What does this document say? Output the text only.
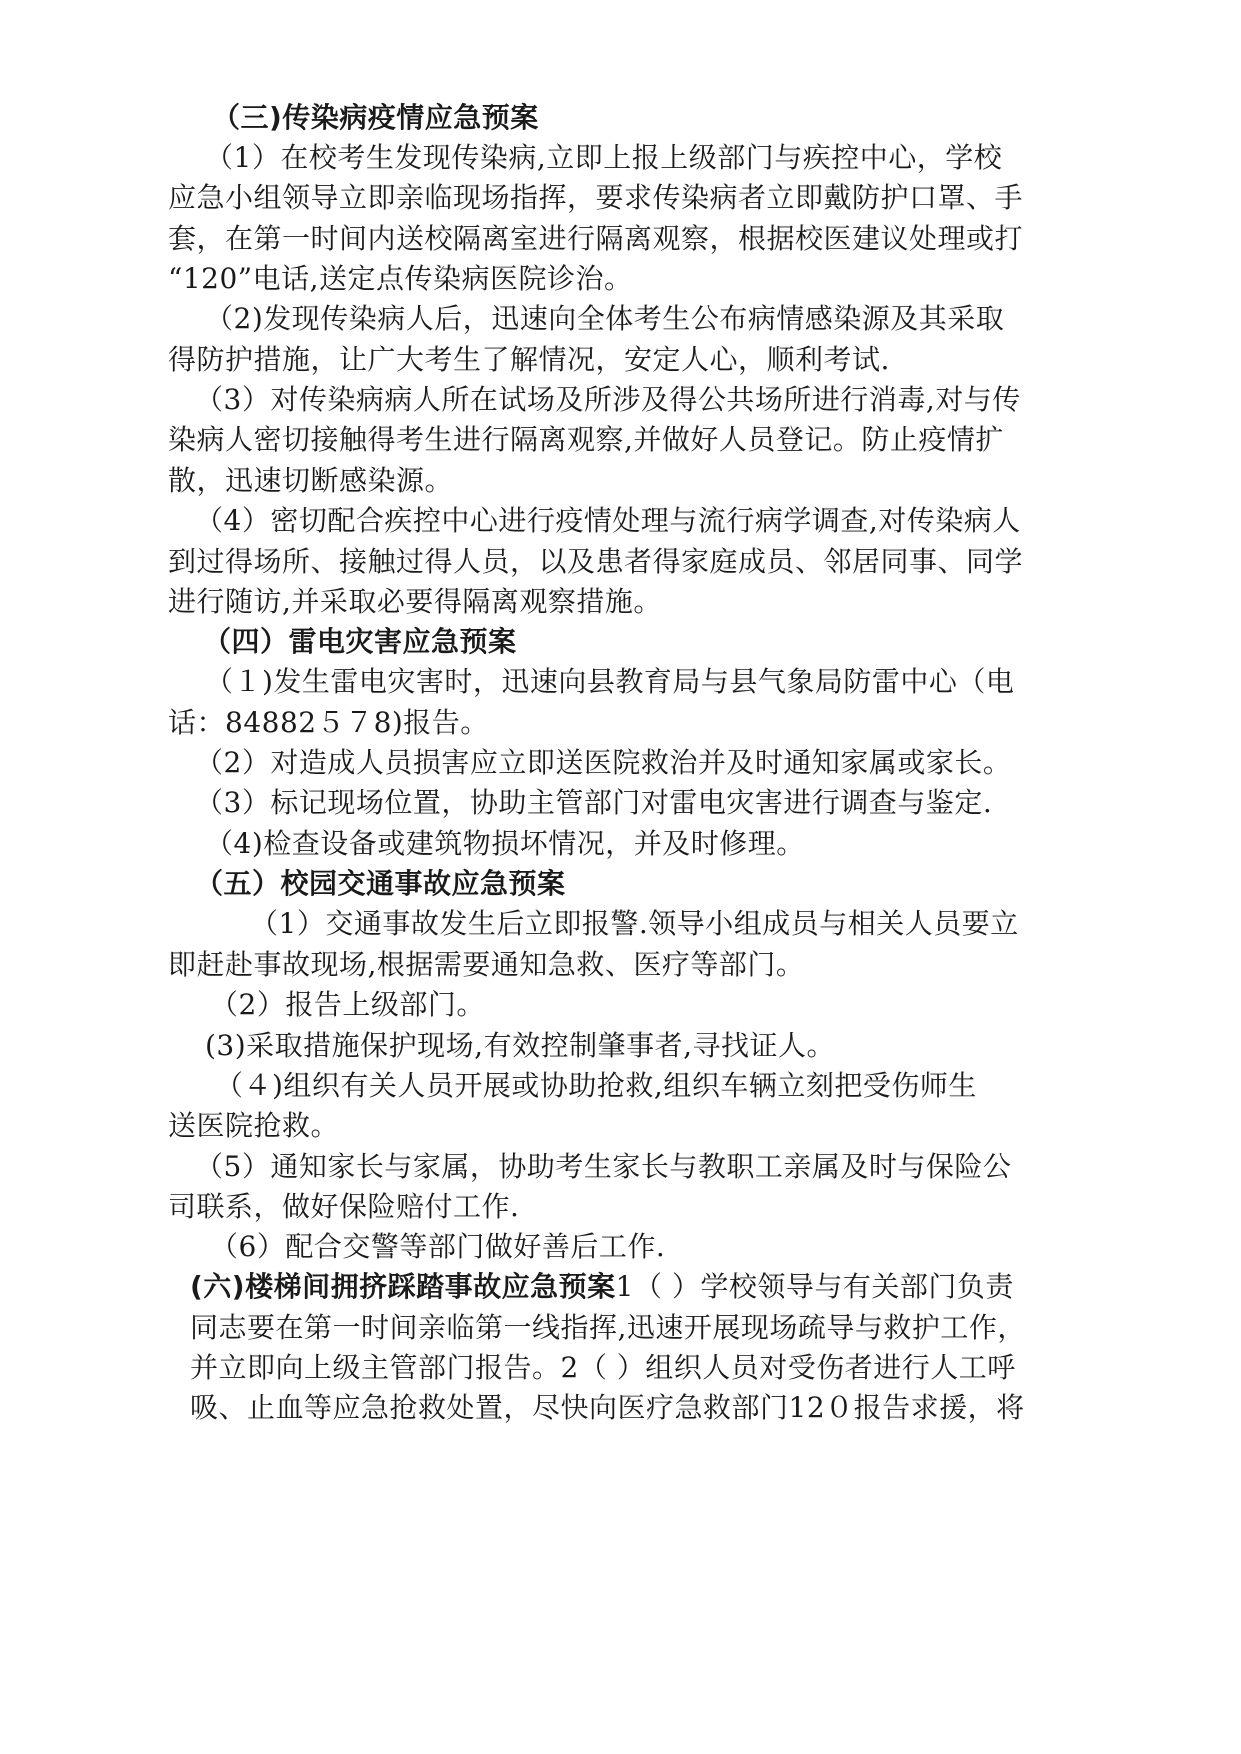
（三)传染病疫情应急预案
（1）在校考生发现传染病,立即上报上级部门与疾控中心，学校
应急小组领导立即亲临现场指挥，要求传染病者立即戴防护口罩、手
套，在第一时间内送校隔离室进行隔离观察，根据校医建议处理或打
“120”电话,送定点传染病医院诊治。
（2)发现传染病人后，迅速向全体考生公布病情感染源及其采取
得防护措施，让广大考生了解情况，安定人心，顺利考试.
（3）对传染病病人所在试场及所涉及得公共场所进行消毒,对与传
染病人密切接触得考生进行隔离观察,并做好人员登记。防止疫情扩
散，迅速切断感染源。
（4）密切配合疾控中心进行疫情处理与流行病学调查,对传染病人
到过得场所、接触过得人员，以及患者得家庭成员、邻居同事、同学
进行随访,并采取必要得隔离观察措施。
（四）雷电灾害应急预案
（１)发生雷电灾害时，迅速向县教育局与县气象局防雷中心（电
话：84882５７8)报告。
（2）对造成人员损害应立即送医院救治并及时通知家属或家长。
（3）标记现场位置，协助主管部门对雷电灾害进行调查与鉴定.
（4)检查设备或建筑物损坏情况，并及时修理。
（五）校园交通事故应急预案
（1）交通事故发生后立即报警.领导小组成员与相关人员要立
即赶赴事故现场,根据需要通知急救、医疗等部门。
（2）报告上级部门。
(3)采取措施保护现场,有效控制肇事者,寻找证人。
（４)组织有关人员开展或协助抢救,组织车辆立刻把受伤师生
送医院抢救。
（5）通知家长与家属，协助考生家长与教职工亲属及时与保险公
司联系，做好保险赔付工作.
（6）配合交警等部门做好善后工作.
(六)楼梯间拥挤踩踏事故应急预案1（ ）学校领导与有关部门负责
同志要在第一时间亲临第一线指挥,迅速开展现场疏导与救护工作，
并立即向上级主管部门报告。2（ ）组织人员对受伤者进行人工呼
吸、止血等应急抢救处置，尽快向医疗急救部门12０报告求援，将
